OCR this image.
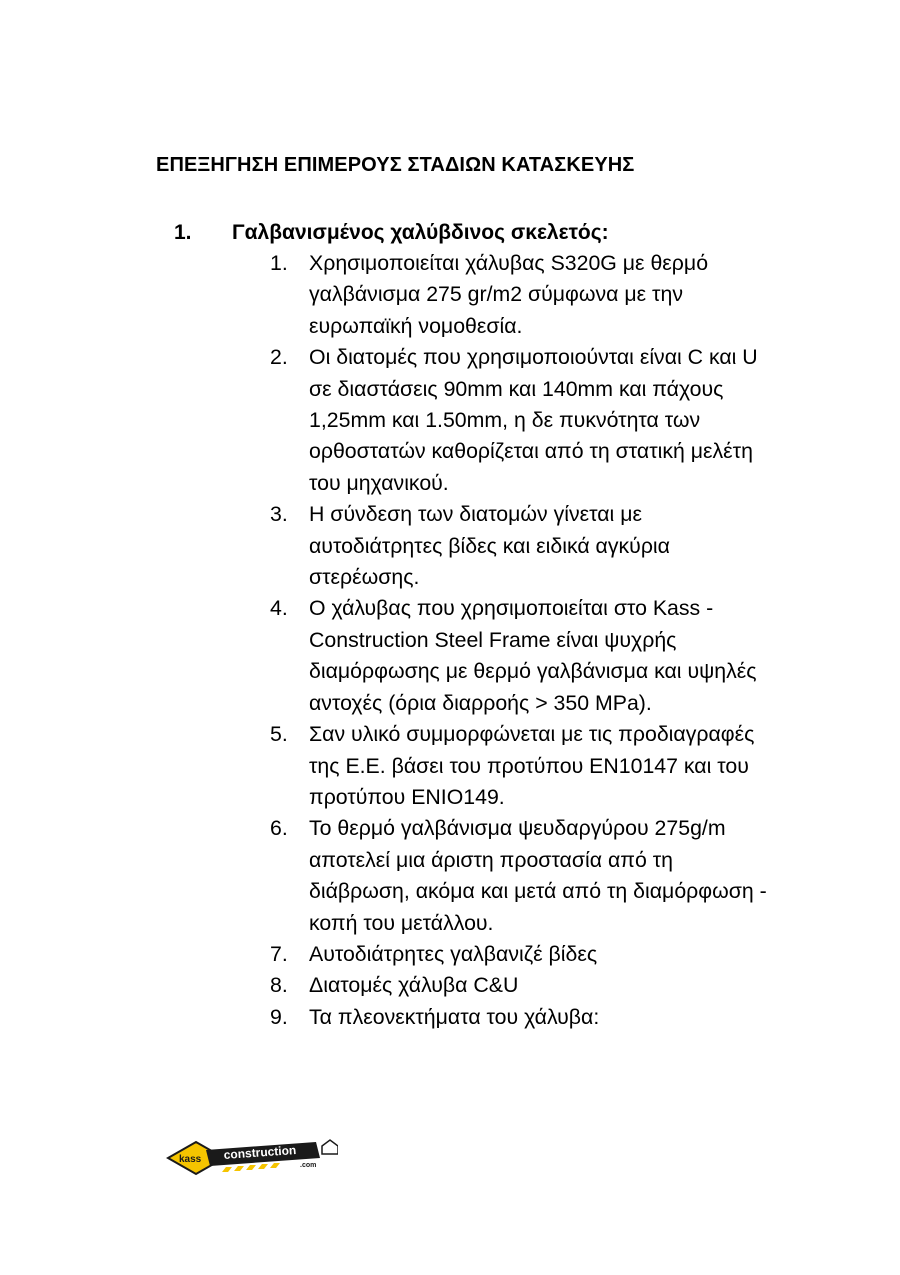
ΕΠΕΞΗΓΗΣΗ ΕΠΙΜΕΡΟΥΣ ΣΤΑΔΙΩΝ ΚΑΤΑΣΚΕΥΗΣ
1.	Γαλβανισμένος χαλύβδινος σκελετός:
1. Χρησιμοποιείται χάλυβας S320G με θερμό γαλβάνισμα 275 gr/m2 σύμφωνα με την ευρωπαϊκή νομοθεσία.
2. Οι διατομές που χρησιμοποιούνται είναι C και U σε διαστάσεις 90mm και 140mm και πάχους 1,25mm και 1.50mm, η δε πυκνότητα των ορθοστατών καθορίζεται από τη στατική μελέτη του μηχανικού.
3. Η σύνδεση των διατομών γίνεται με αυτοδιάτρητες βίδες και ειδικά αγκύρια στερέωσης.
4. Ο χάλυβας που χρησιμοποιείται στο Kass -Construction Steel Frame είναι ψυχρής διαμόρφωσης με θερμό γαλβάνισμα και υψηλές αντοχές (όρια διαρροής > 350 MPa).
5. Σαν υλικό συμμορφώνεται με τις προδιαγραφές της Ε.Ε. βάσει του προτύπου ΕΝ10147 και του προτύπου ΕΝΙΟ149.
6. Το θερμό γαλβάνισμα ψευδαργύρου 275g/m αποτελεί μια άριστη προστασία από τη διάβρωση, ακόμα και μετά από τη διαμόρφωση - κοπή του μετάλλου.
7. Αυτοδιάτρητες γαλβανιζέ βίδες
8. Διατομές χάλυβα C&U
9. Τα πλεονεκτήματα του χάλυβα:
kass construction
.com
